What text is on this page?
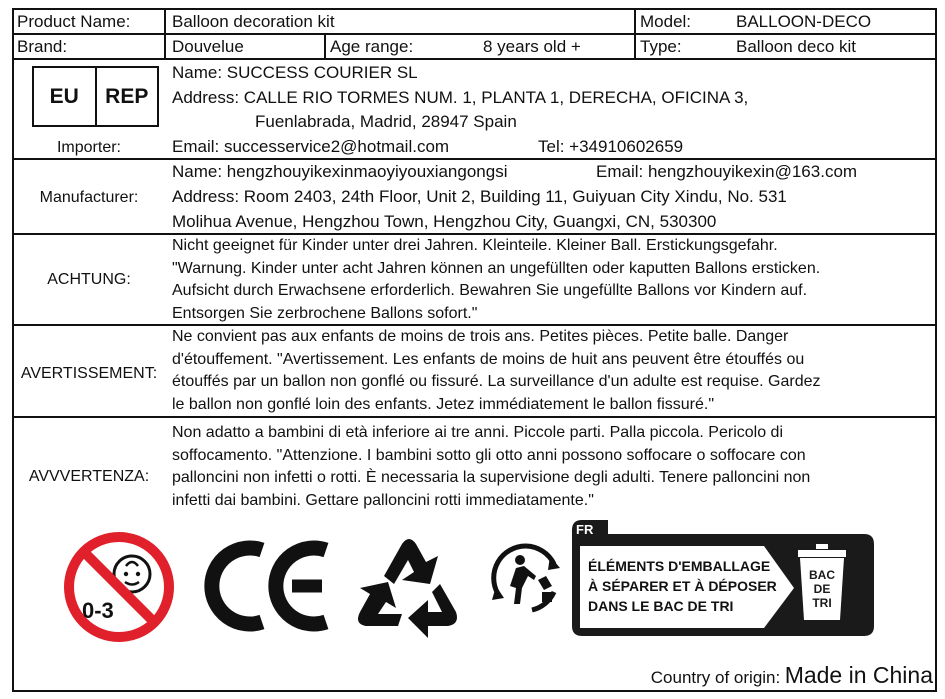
Product Name: Balloon decoration kit	Model:	BALLOON-DECO
Brand:	Douvelue	Age range:	8 years old +	Type:	Balloon deco kit
EU	REP
Importer:
Name: SUCCESS COURIER SL
Address: CALLE RIO TORMES NUM. 1, PLANTA 1, DERECHA, OFICINA 3,
Fuenlabrada, Madrid, 28947 Spain
Email: successervice2@hotmail.com	Tel: +34910602659
Manufacturer:
Name: hengzhouyikexinmaoyiyouxiangongsi	Email: hengzhouyikexin@163.com
Address: Room 2403, 24th Floor, Unit 2, Building 11, Guiyuan City Xindu, No. 531
Molihua Avenue, Hengzhou Town, Hengzhou City, Guangxi, CN, 530300
ACHTUNG:
Nicht geeignet für Kinder unter drei Jahren. Kleinteile. Kleiner Ball. Erstickungsgefahr.
"Warnung. Kinder unter acht Jahren können an ungefüllten oder kaputten Ballons ersticken.
Aufsicht durch Erwachsene erforderlich. Bewahren Sie ungefüllte Ballons vor Kindern auf.
Entsorgen Sie zerbrochene Ballons sofort."
AVERTISSEMENT:
Ne convient pas aux enfants de moins de trois ans. Petites pièces. Petite balle. Danger
d'étouffement. "Avertissement. Les enfants de moins de huit ans peuvent être étouffés ou
étouffés par un ballon non gonflé ou fissuré. La surveillance d'un adulte est requise. Gardez
le ballon non gonflé loin des enfants. Jetez immédiatement le ballon fissuré."
AVVVERTENZA:
Non adatto a bambini di età inferiore ai tre anni. Piccole parti. Palla piccola. Pericolo di
soffocamento. "Attenzione. I bambini sotto gli otto anni possono soffocare o soffocare con
palloncini non infetti o rotti. È necessaria la supervisione degli adulti. Tenere palloncini non
infetti dai bambini. Gettare palloncini rotti immediatamente."
0-3
FR
ÉLÉMENTS D'EMBALLAGE
À SÉPARER ET À DÉPOSER
DANS LE BAC DE TRI
BAC
DE
TRI
Country of origin: Made in China
